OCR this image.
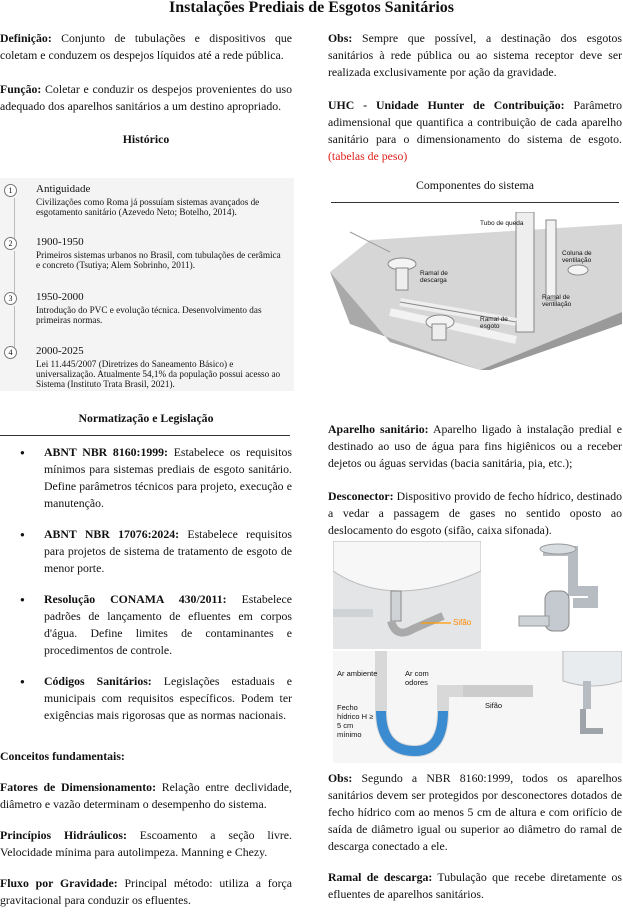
Instalações Prediais de Esgotos Sanitários

Definição: Conjunto de tubulações e dispositivos que coletam e conduzem os despejos líquidos até a rede pública.

Função: Coletar e conduzir os despejos provenientes do uso adequado dos aparelhos sanitários a um destino apropriado.

Histórico
1	Antiguidade
Civilizações como Roma já possuíam sistemas avançados de esgotamento sanitário (Azevedo Neto; Botelho, 2014).
2	1900-1950
Primeiros sistemas urbanos no Brasil, com tubulações de cerâmica e concreto (Tsutiya; Alem Sobrinho, 2011).
3	1950-2000
Introdução do PVC e evolução técnica. Desenvolvimento das primeiras normas.
4	2000-2025
Lei 11.445/2007 (Diretrizes do Saneamento Básico) e universalização. Atualmente 54,1% da população possui acesso ao Sistema (Instituto Trata Brasil, 2021).
Normatização e Legislação
● ABNT NBR 8160:1999: Estabelece os requisitos mínimos para sistemas prediais de esgoto sanitário. Define parâmetros técnicos para projeto, execução e manutenção.
● ABNT NBR 17076:2024: Estabelece requisitos para projetos de sistema de tratamento de esgoto de menor porte.
● Resolução CONAMA 430/2011: Estabelece padrões de lançamento de efluentes em corpos d'água. Define limites de contaminantes e procedimentos de controle.
● Códigos Sanitários: Legislações estaduais e municipais com requisitos específicos. Podem ter exigências mais rigorosas que as normas nacionais.

Conceitos fundamentais:

Fatores de Dimensionamento: Relação entre declividade, diâmetro e vazão determinam o desempenho do sistema.

Princípios Hidráulicos: Escoamento a seção livre. Velocidade mínima para autolimpeza. Manning e Chezy.

Fluxo por Gravidade: Principal método: utiliza a força gravitacional para conduzir os efluentes.

Obs: Sempre que possível, a destinação dos esgotos sanitários à rede pública ou ao sistema receptor deve ser realizada exclusivamente por ação da gravidade.

UHC - Unidade Hunter de Contribuição: Parâmetro adimensional que quantifica a contribuição de cada aparelho sanitário para o dimensionamento do sistema de esgoto. (tabelas de peso)

Componentes do sistema
Tubo de queda
Coluna de ventilação
Ramal de descarga
Ramal de ventilação
Ramal de esgoto

Aparelho sanitário: Aparelho ligado à instalação predial e destinado ao uso de água para fins higiênicos ou a receber dejetos ou águas servidas (bacia sanitária, pia, etc.);

Desconector: Dispositivo provido de fecho hídrico, destinado a vedar a passagem de gases no sentido oposto ao deslocamento do esgoto (sifão, caixa sifonada).

Sifão
Ar ambiente	Ar com odores
Fecho hídrico H ≥ 5 cm mínimo
Sifão

Obs: Segundo a NBR 8160:1999, todos os aparelhos sanitários devem ser protegidos por desconectores dotados de fecho hídrico com ao menos 5 cm de altura e com orifício de saída de diâmetro igual ou superior ao diâmetro do ramal de descarga conectado a ele.

Ramal de descarga: Tubulação que recebe diretamente os efluentes de aparelhos sanitários.
